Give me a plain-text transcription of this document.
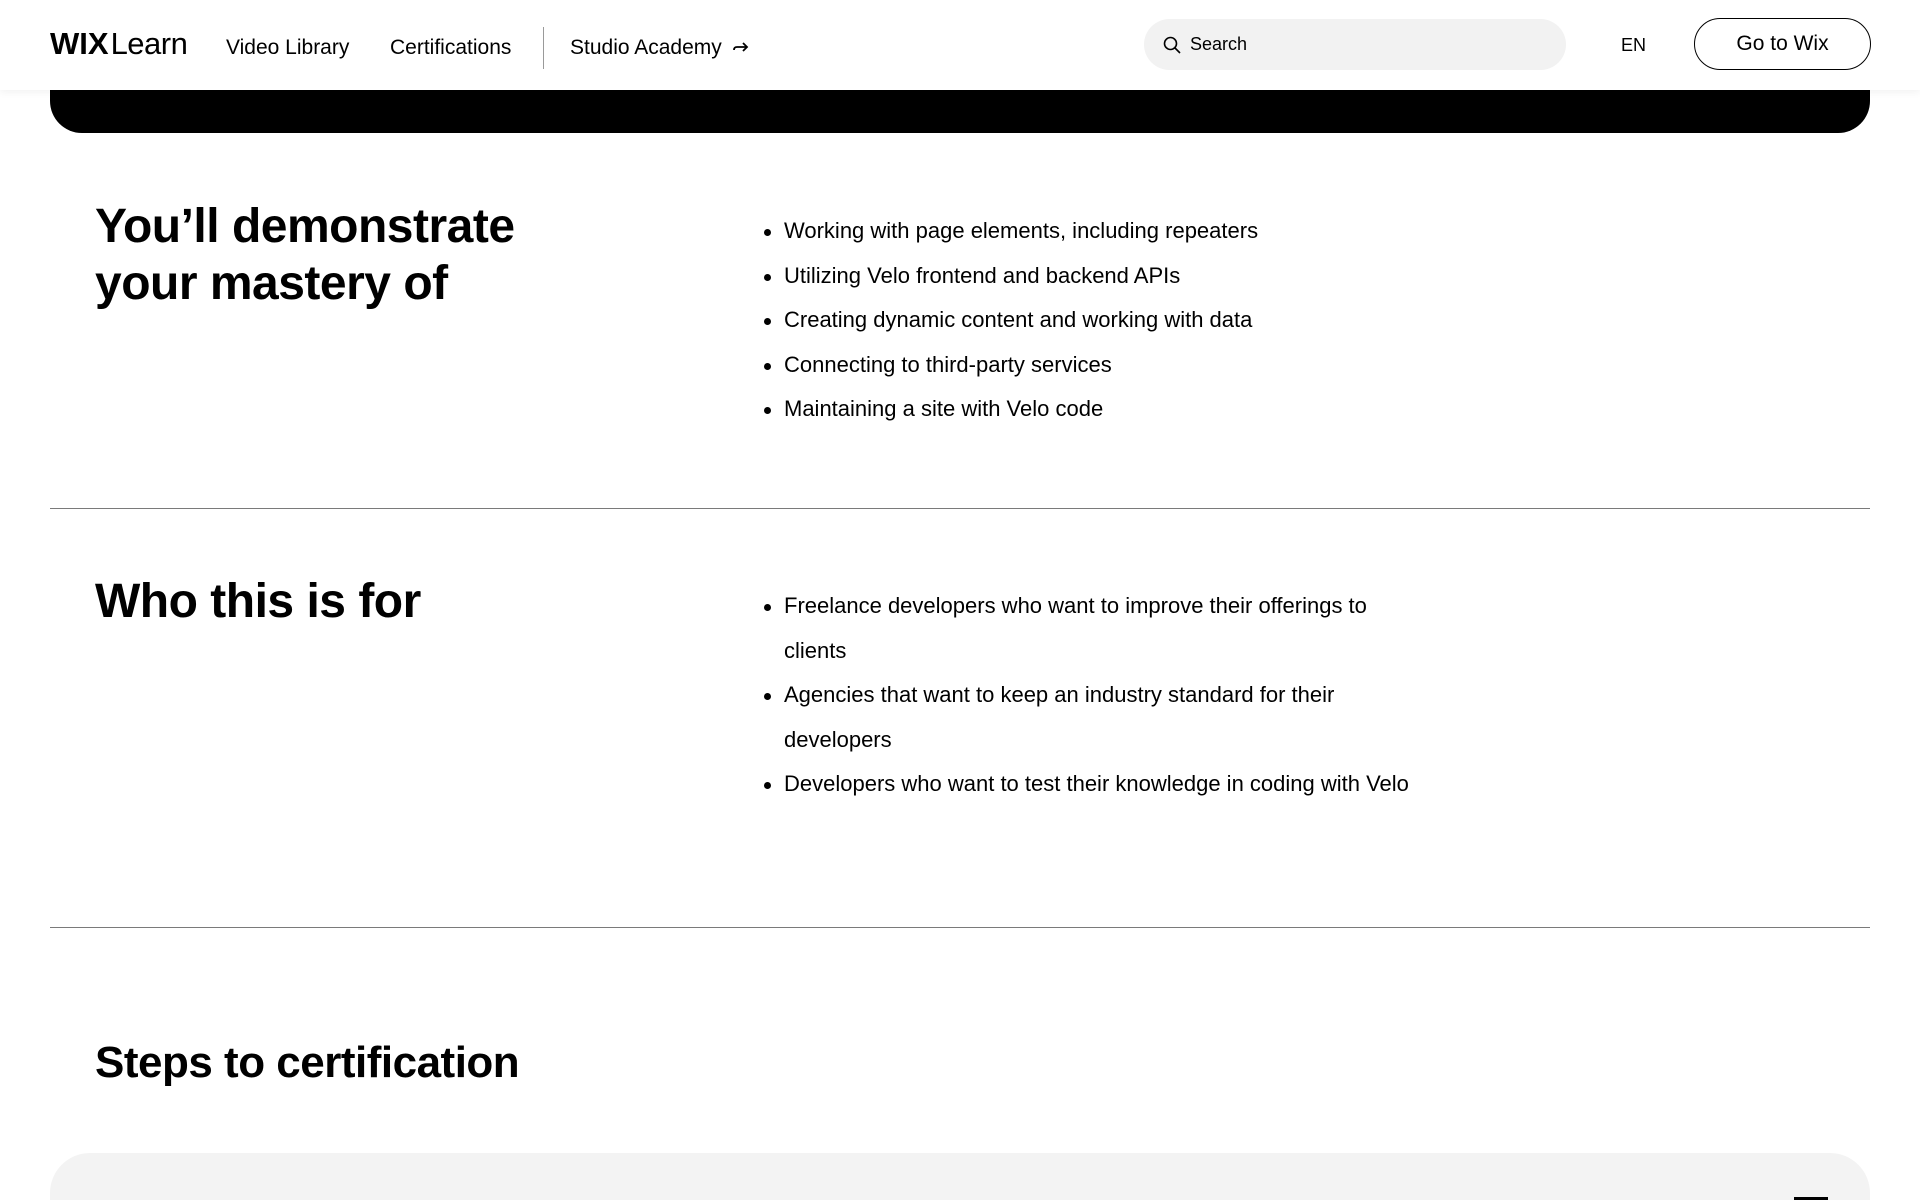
WIX Learn Video Library Certifications	Studio Academy
Search	EN	Go to Wix
You’ll demonstrate your mastery of
Working with page elements, including repeaters
Utilizing Velo frontend and backend APIs
Creating dynamic content and working with data
Connecting to third-party services
Maintaining a site with Velo code
Who this is for	Freelance developers who want to improve their offerings to clients
Agencies that want to keep an industry standard for their developers
Developers who want to test their knowledge in coding with Velo
Steps to certification
